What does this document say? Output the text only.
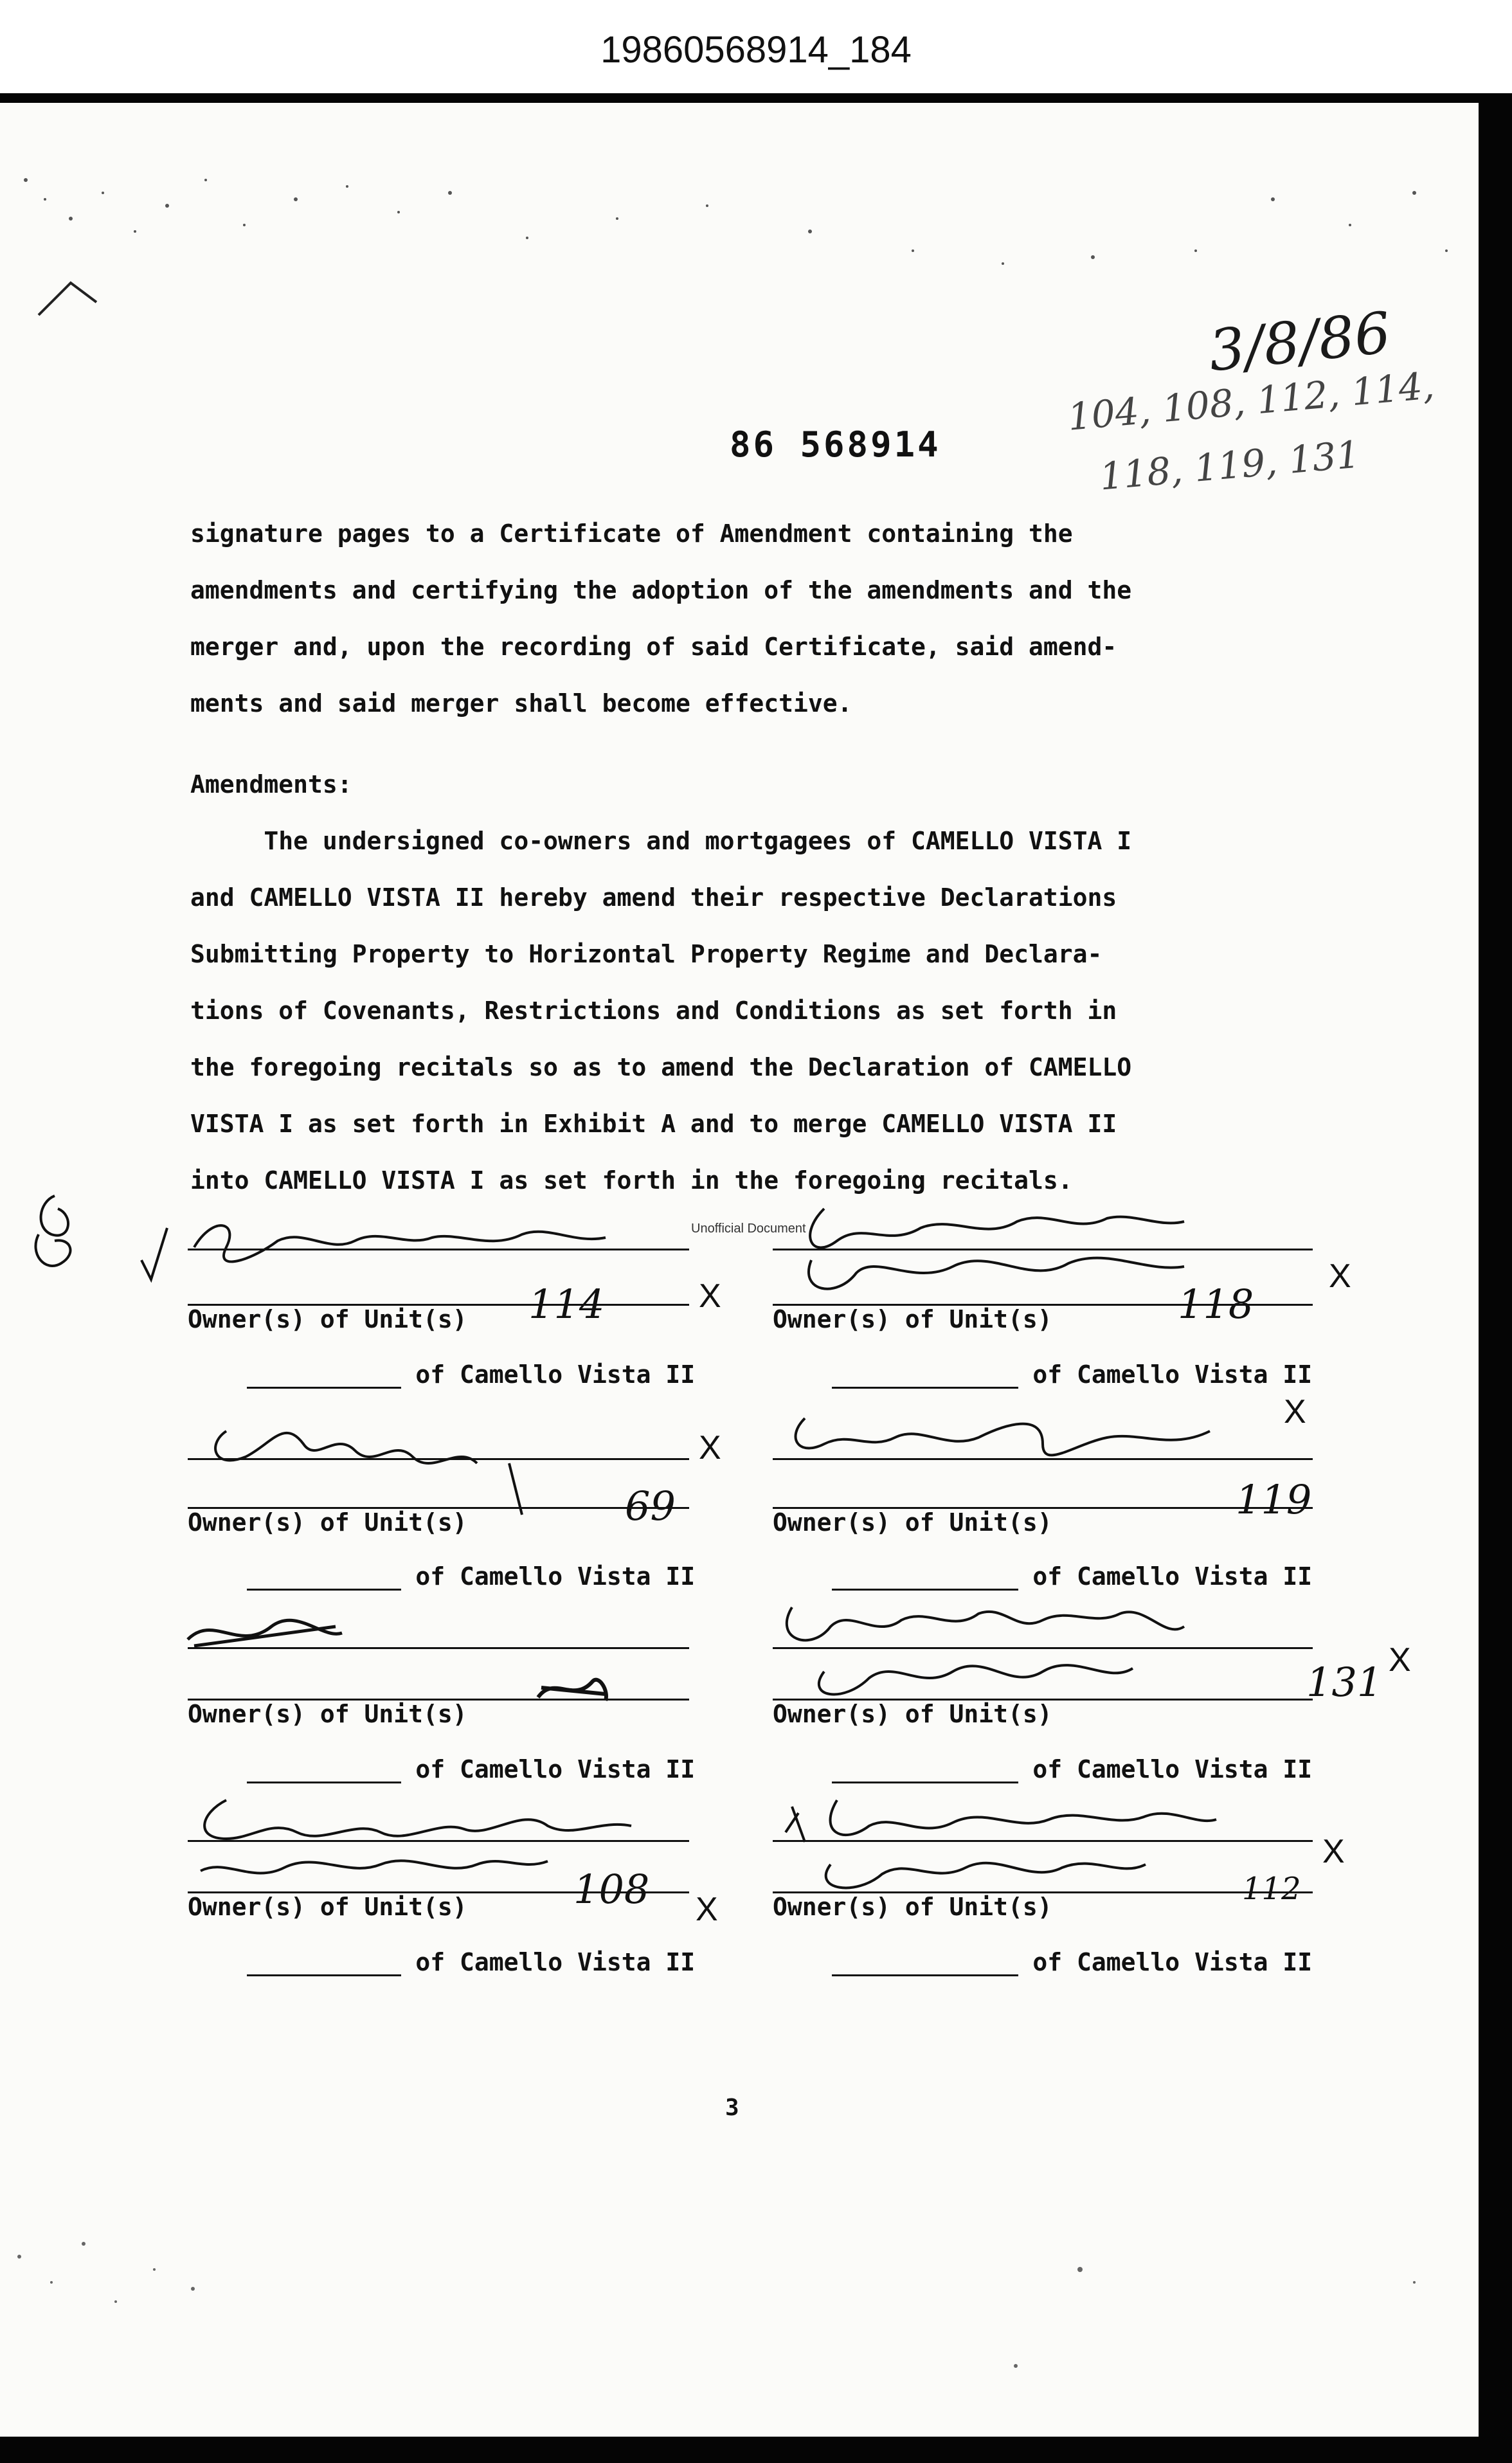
19860568914_184
86 568914
3/8/86
104, 108, 112, 114,
118, 119, 131
signature pages to a Certificate of Amendment containing the
amendments and certifying the adoption of the amendments and the
merger and, upon the recording of said Certificate, said amend-
ments and said merger shall become effective.
Amendments:
The undersigned co-owners and mortgagees of CAMELLO VISTA I
and CAMELLO VISTA II hereby amend their respective Declarations
Submitting Property to Horizontal Property Regime and Declara-
tions of Covenants, Restrictions and Conditions as set forth in
the foregoing recitals so as to amend the Declaration of CAMELLO
VISTA I as set forth in Exhibit A and to merge CAMELLO VISTA II
into CAMELLO VISTA I as set forth in the foregoing recitals.
Unofficial Document
Owner(s) of Unit(s) 114

of Camello Vista II

X
Owner(s) of Unit(s)	118

of Camello Vista II

X
Owner(s) of Unit(s)	69

of Camello Vista II

X
Owner(s) of Unit(s)	119

of Camello Vista II

X
Owner(s) of Unit(s)

of Camello Vista II

Owner(s) of Unit(s)
131

of Camello Vista II

X
Owner(s) of Unit(s)	108

of Camello Vista II

X Owner(s) of Unit(s)	112

of Camello Vista II

X
3
